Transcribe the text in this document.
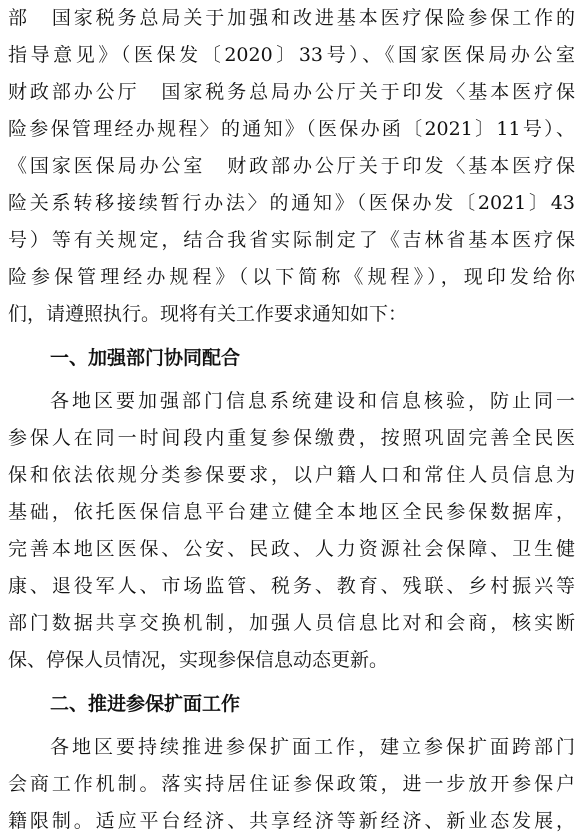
部　国家税务总局关于加强和改进基本医疗保险参保工作的
指导意见》（医保发〔2020〕33号）、《国家医保局办公室
财政部办公厅　国家税务总局办公厅关于印发〈基本医疗保
险参保管理经办规程〉的通知》（医保办函〔2021〕11号）、
《国家医保局办公室　财政部办公厅关于印发〈基本医疗保
险关系转移接续暂行办法〉的通知》（医保办发〔2021〕43
号）等有关规定，结合我省实际制定了《吉林省基本医疗保
险参保管理经办规程》（以下简称《规程》），现印发给你
们，请遵照执行。现将有关工作要求通知如下：
一、加强部门协同配合
各地区要加强部门信息系统建设和信息核验，防止同一
参保人在同一时间段内重复参保缴费，按照巩固完善全民医
保和依法依规分类参保要求，以户籍人口和常住人员信息为
基础，依托医保信息平台建立健全本地区全民参保数据库，
完善本地区医保、公安、民政、人力资源社会保障、卫生健
康、退役军人、市场监管、税务、教育、残联、乡村振兴等
部门数据共享交换机制，加强人员信息比对和会商，核实断
保、停保人员情况，实现参保信息动态更新。
二、推进参保扩面工作
各地区要持续推进参保扩面工作，建立参保扩面跨部门
会商工作机制。落实持居住证参保政策，进一步放开参保户
籍限制。适应平台经济、共享经济等新经济、新业态发展，
